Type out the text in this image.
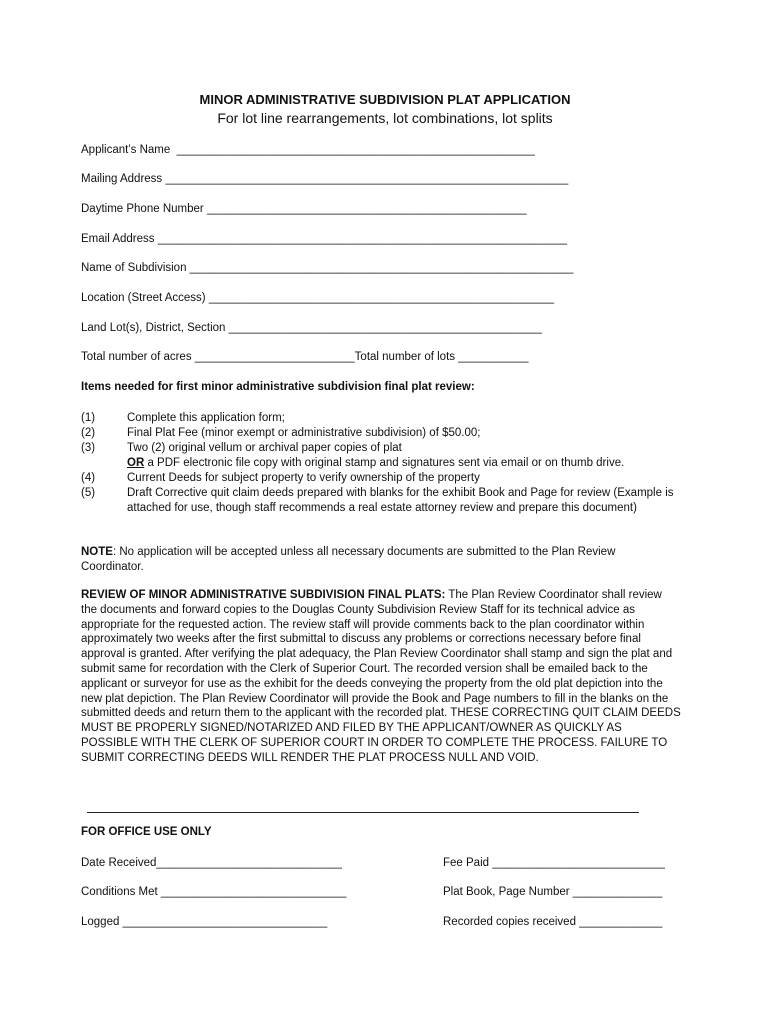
MINOR ADMINISTRATIVE SUBDIVISION PLAT APPLICATION
For lot line rearrangements, lot combinations, lot splits
Applicant’s Name  ________________________________________________________
Mailing Address _______________________________________________________________
Daytime Phone Number __________________________________________________
Email Address ________________________________________________________________
Name of Subdivision ____________________________________________________________
Location (Street Access) ______________________________________________________
Land Lot(s), District, Section _________________________________________________
Total number of acres _________________________Total number of lots ___________
Items needed for first minor administrative subdivision final plat review:
(1)	Complete this application form;
(2)	Final Plat Fee (minor exempt or administrative subdivision) of $50.00;
(3)	Two (2) original vellum or archival paper copies of plat
OR a PDF electronic file copy with original stamp and signatures sent via email or on thumb drive.
(4)	Current Deeds for subject property to verify ownership of the property
(5)	Draft Corrective quit claim deeds prepared with blanks for the exhibit Book and Page for review (Example is attached for use, though staff recommends a real estate attorney review and prepare this document)
NOTE: No application will be accepted unless all necessary documents are submitted to the Plan Review Coordinator.
REVIEW OF MINOR ADMINISTRATIVE SUBDIVISION FINAL PLATS: The Plan Review Coordinator shall review the documents and forward copies to the Douglas County Subdivision Review Staff for its technical advice as appropriate for the requested action. The review staff will provide comments back to the plan coordinator within approximately two weeks after the first submittal to discuss any problems or corrections necessary before final approval is granted. After verifying the plat adequacy, the Plan Review Coordinator shall stamp and sign the plat and submit same for recordation with the Clerk of Superior Court. The recorded version shall be emailed back to the applicant or surveyor for use as the exhibit for the deeds conveying the property from the old plat depiction into the new plat depiction. The Plan Review Coordinator will provide the Book and Page numbers to fill in the blanks on the submitted deeds and return them to the applicant with the recorded plat. THESE CORRECTING QUIT CLAIM DEEDS MUST BE PROPERLY SIGNED/NOTARIZED AND FILED BY THE APPLICANT/OWNER AS QUICKLY AS POSSIBLE WITH THE CLERK OF SUPERIOR COURT IN ORDER TO COMPLETE THE PROCESS. FAILURE TO SUBMIT CORRECTING DEEDS WILL RENDER THE PLAT PROCESS NULL AND VOID.
FOR OFFICE USE ONLY
Date Received_____________________________	Fee Paid ___________________________
Conditions Met _____________________________	Plat Book, Page Number ______________
Logged ________________________________	Recorded copies received _____________
